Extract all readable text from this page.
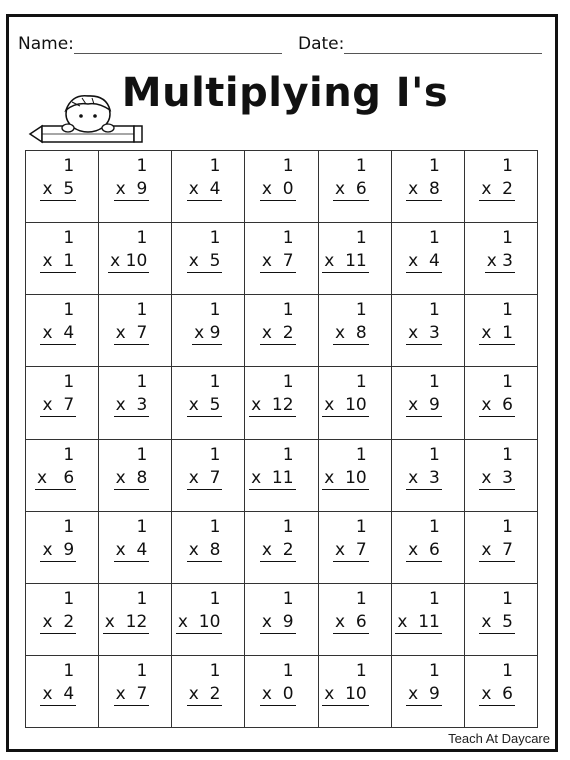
Name:	Date:
Multiplying I's
1
x  5
1
x  9
1
x  4
1
x  0
1
x  6
1
x  8
1
x  2
1
x  1
1
x 10
1
x  5
1
x  7
1
x  11
1
x  4
1
x 3
1
x  4
1
x  7
1
x 9
1
x  2
1
x  8
1
x  3
1
x  1
1
x  7
1
x  3
1
x  5
1
x  12
1
x  10
1
x  9
1
x  6
1
x   6
1
x  8
1
x  7
1
x  11
1
x  10
1
x  3
1
x  3
1
x  9
1
x  4
1
x  8
1
x  2
1
x  7
1
x  6
1
x  7
1
x  2
1
x  12
1
x  10
1
x  9
1
x  6
1
x  11
1
x  5
1
x  4
1
x  7
1
x  2
1
x  0
1
x  10
1
x  9
1
x  6
Teach At Daycare
